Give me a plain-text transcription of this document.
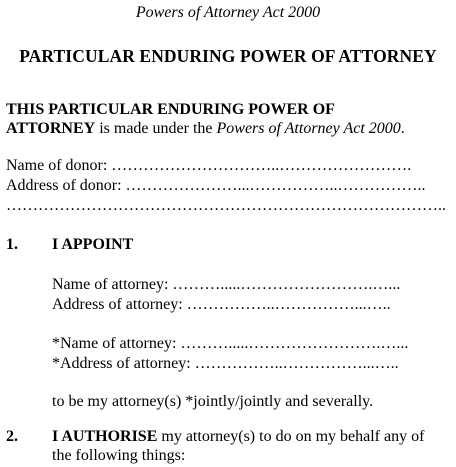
Powers of Attorney Act 2000
PARTICULAR ENDURING POWER OF ATTORNEY
THIS PARTICULAR ENDURING POWER OF
ATTORNEY is made under the Powers of Attorney Act 2000.
Name of donor: …………………………..…………………….
Address of donor: …………………...……………..……………..
………………………………………………………………………..
1. I APPOINT
Name of attorney: ……….....…………………….…...
Address of attorney: ……………..……………...…..
*Name of attorney: ……….....…………………….…...
*Address of attorney: ……………..……………...…..
to be my attorney(s) *jointly/jointly and severally.
2. I AUTHORISE my attorney(s) to do on my behalf any of
the following things:
